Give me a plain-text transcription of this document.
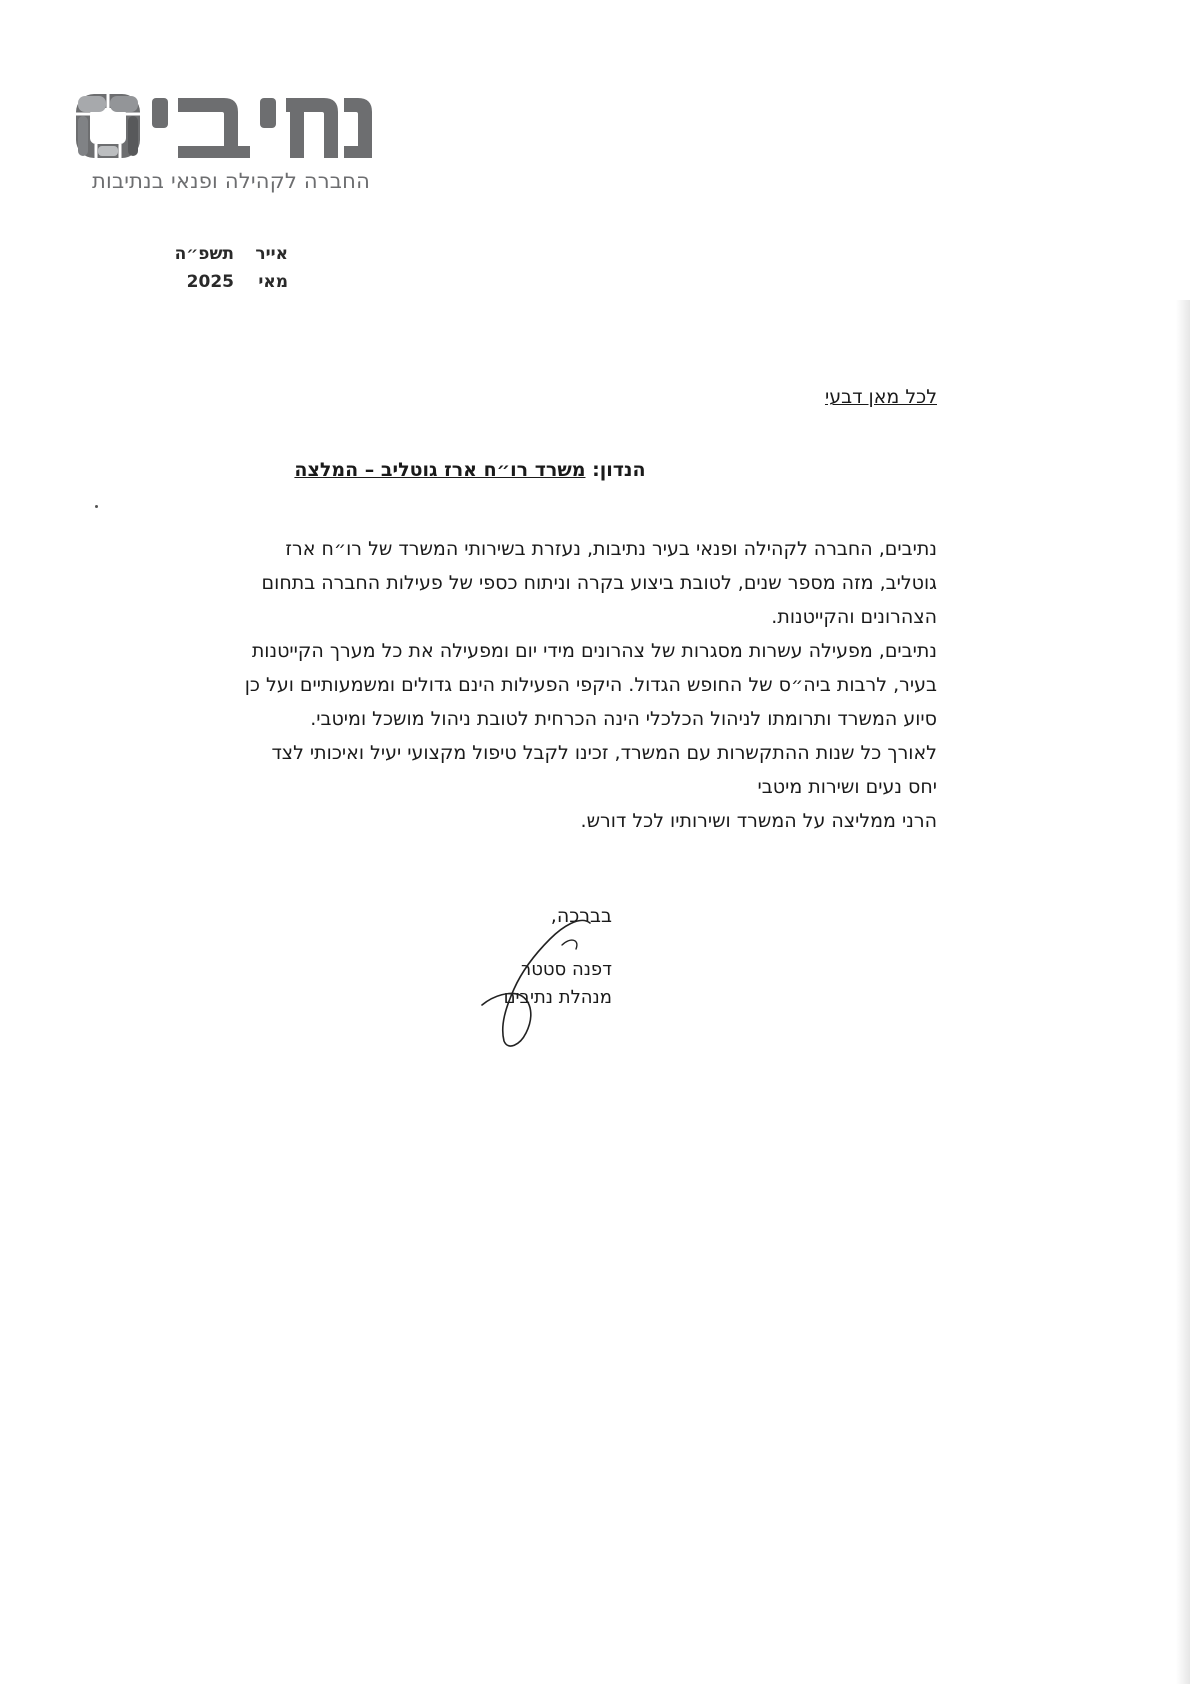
החברה לקהילה ופנאי בנתיבות
אייר
תשפ״ה
מאי
2025
לכל מאן דבעי
הנדון: משרד רו״ח ארז גוטליב – המלצה
נתיבים, החברה לקהילה ופנאי בעיר נתיבות, נעזרת בשירותי המשרד של רו״ח ארז
גוטליב, מזה מספר שנים, לטובת ביצוע בקרה וניתוח כספי של פעילות החברה בתחום
הצהרונים והקייטנות.
נתיבים, מפעילה עשרות מסגרות של צהרונים מידי יום ומפעילה את כל מערך הקייטנות
בעיר, לרבות ביה״ס של החופש הגדול. היקפי הפעילות הינם גדולים ומשמעותיים ועל כן
סיוע המשרד ותרומתו לניהול הכלכלי הינה הכרחית לטובת ניהול מושכל ומיטבי.
לאורך כל שנות ההתקשרות עם המשרד, זכינו לקבל טיפול מקצועי יעיל ואיכותי לצד
יחס נעים ושירות מיטבי
הרני ממליצה על המשרד ושירותיו לכל דורש.
בברכה,
דפנה סטטר
מנהלת נתיבים
